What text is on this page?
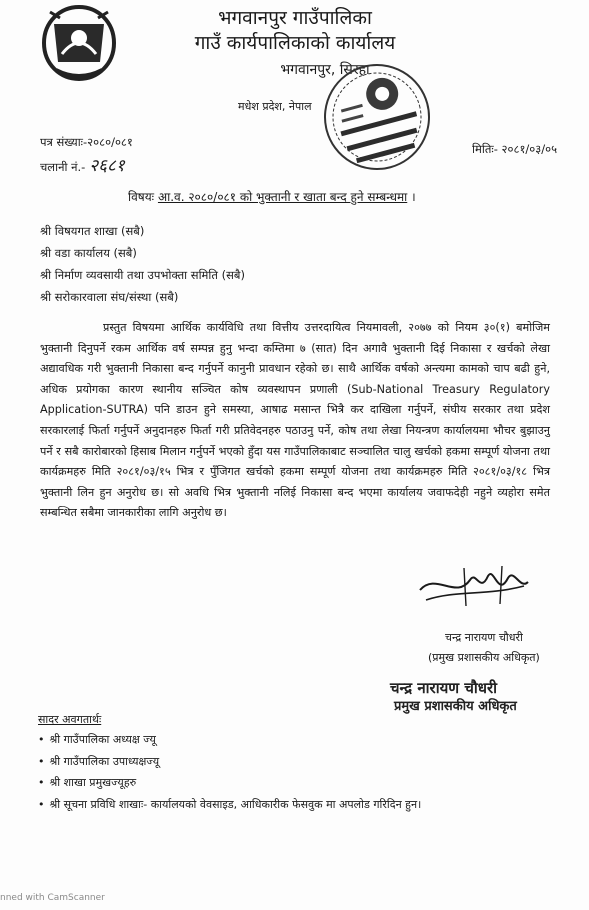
भगवानपुर गाउँपालिका
गाउँ कार्यपालिकाको कार्यालय
भगवानपुर, सिरहा
मधेश प्रदेश, नेपाल
पत्र संख्याः-२०८०/०८१
चलानी नं.- २६८१
मितिः- २०८१/०३/०५
विषयः आ.व. २०८०/०८१ को भुक्तानी र खाता बन्द हुने सम्बन्धमा ।
श्री विषयगत शाखा (सबै)
श्री वडा कार्यालय (सबै)
श्री निर्माण व्यवसायी तथा उपभोक्ता समिति (सबै)
श्री सरोकारवाला संघ/संस्था (सबै)

प्रस्तुत विषयमा आर्थिक कार्यविधि तथा वित्तीय उत्तरदायित्व नियमावली, २०७७ को नियम ३०(१) बमोजिम भुक्तानी दिनुपर्ने रकम आर्थिक वर्ष सम्पन्न हुनु भन्दा कम्तिमा ७ (सात) दिन अगावै भुक्तानी दिई निकासा र खर्चको लेखा अद्यावधिक गरी भुक्तानी निकासा बन्द गर्नुपर्ने कानुनी प्रावधान रहेको छ। साथै आर्थिक वर्षको अन्त्यमा कामको चाप बढी हुने, अधिक प्रयोगका कारण स्थानीय सञ्चित कोष व्यवस्थापन प्रणाली (Sub-National Treasury Regulatory Application-SUTRA) पनि डाउन हुने समस्या, आषाढ मसान्त भित्रै कर दाखिला गर्नुपर्ने, संघीय सरकार तथा प्रदेश सरकारलाई फिर्ता गर्नुपर्ने अनुदानहरु फिर्ता गरी प्रतिवेदनहरु पठाउनु पर्ने, कोष तथा लेखा नियन्त्रण कार्यालयमा भौचर बुझाउनु पर्ने र सबै कारोबारको हिसाब मिलान गर्नुपर्ने भएको हुँदा यस गाउँपालिकाबाट सञ्चालित चालु खर्चको हकमा सम्पूर्ण योजना तथा कार्यक्रमहरु मिति २०८१/०३/१५ भित्र र पुँजिगत खर्चको हकमा सम्पूर्ण योजना तथा कार्यक्रमहरु मिति २०८१/०३/१८ भित्र भुक्तानी लिन हुन अनुरोध छ। सो अवधि भित्र भुक्तानी नलिई निकासा बन्द भएमा कार्यालय जवाफदेही नहुने व्यहोरा समेत सम्बन्धित सबैमा जानकारीका लागि अनुरोध छ।

चन्द्र नारायण चौधरी
(प्रमुख प्रशासकीय अधिकृत)
चन्द्र नारायण चौधरी
प्रमुख प्रशासकीय अधिकृत
सादर अवगतार्थः
• श्री गाउँपालिका अध्यक्ष ज्यू
• श्री गाउँपालिका उपाध्यक्षज्यू
• श्री शाखा प्रमुखज्यूहरु
• श्री सूचना प्रविधि शाखाः- कार्यालयको वेवसाइड, आधिकारीक फेसवुक मा अपलोड गरिदिन हुन।
nned with CamScanner
